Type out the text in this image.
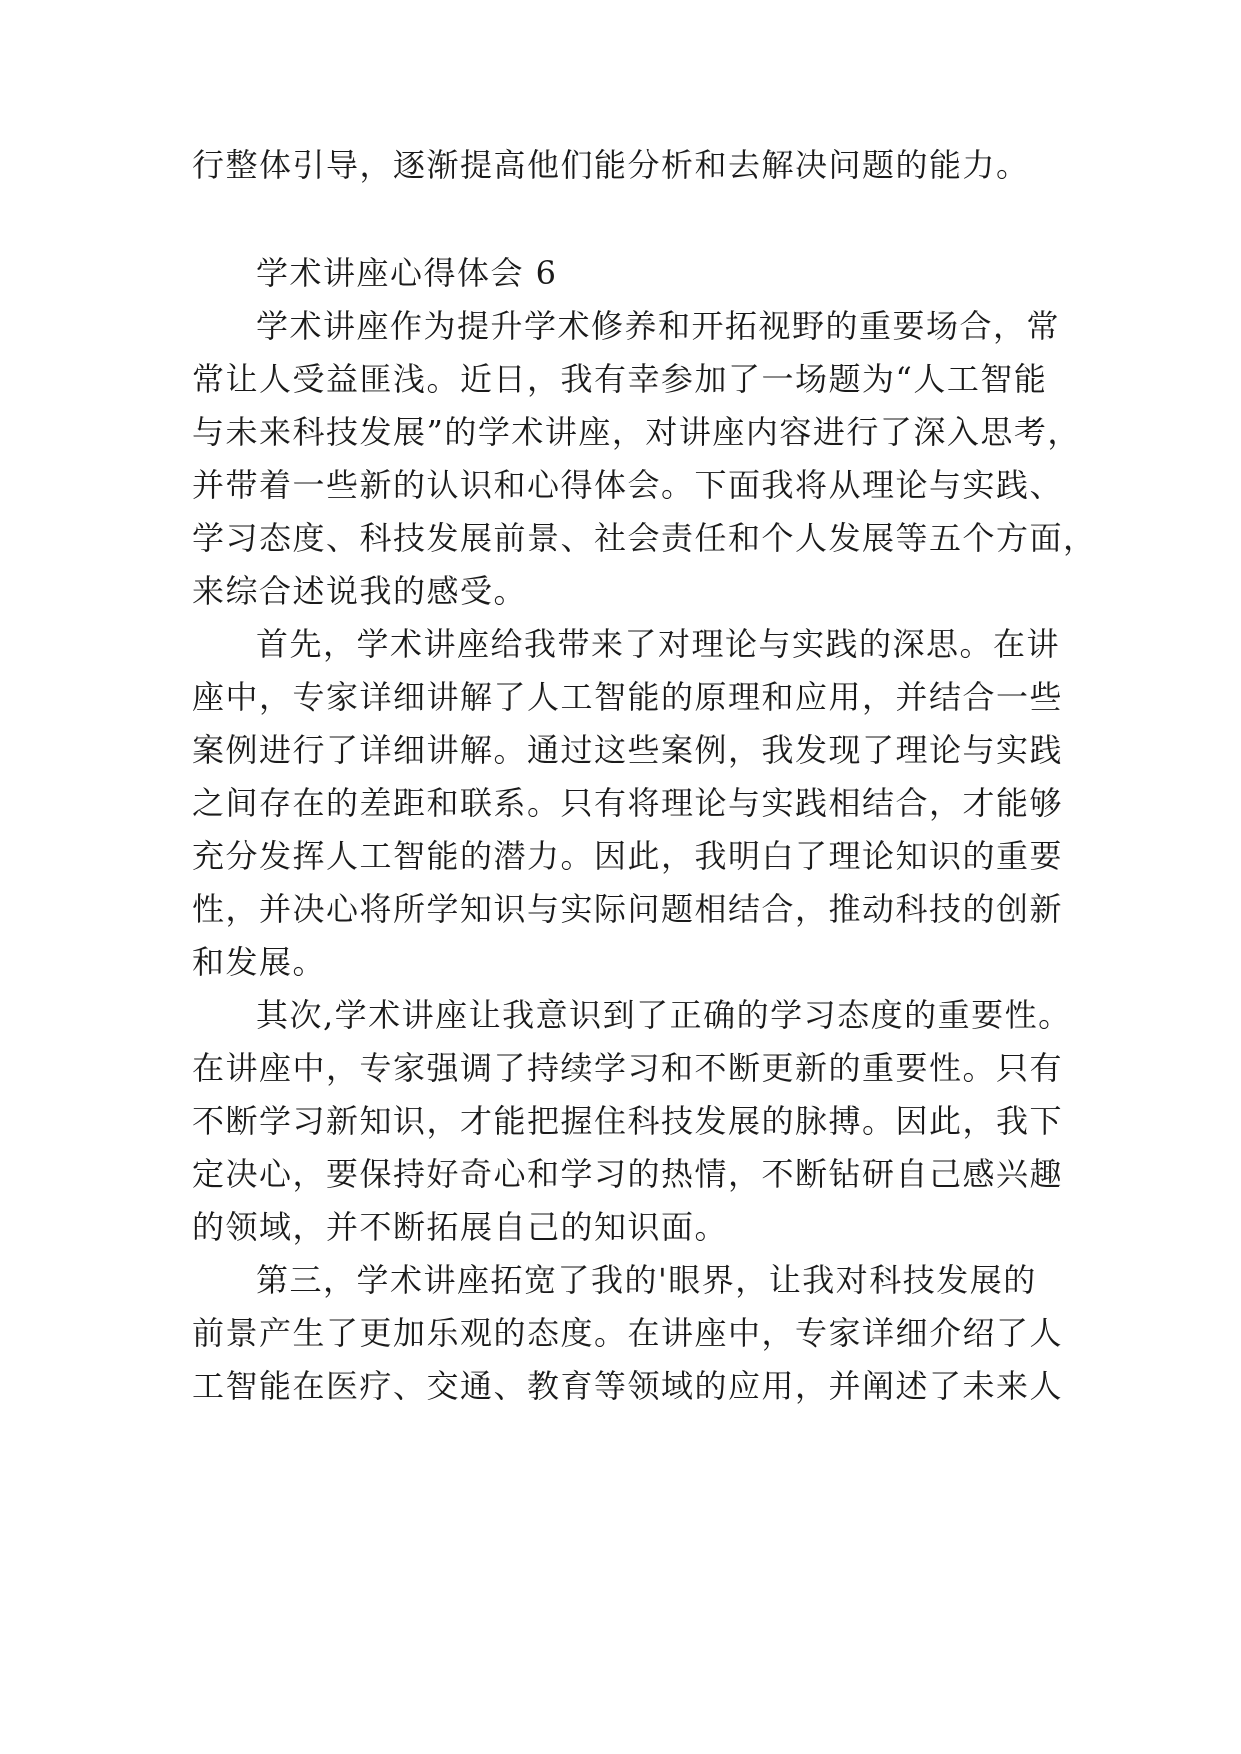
行整体引导，逐渐提高他们能分析和去解决问题的能力。
学术讲座心得体会 6
学术讲座作为提升学术修养和开拓视野的重要场合，常
常让人受益匪浅。近日，我有幸参加了一场题为“人工智能
与未来科技发展”的学术讲座，对讲座内容进行了深入思考，
并带着一些新的认识和心得体会。下面我将从理论与实践、
学习态度、科技发展前景、社会责任和个人发展等五个方面，
来综合述说我的感受。
首先，学术讲座给我带来了对理论与实践的深思。在讲
座中，专家详细讲解了人工智能的原理和应用，并结合一些
案例进行了详细讲解。通过这些案例，我发现了理论与实践
之间存在的差距和联系。只有将理论与实践相结合，才能够
充分发挥人工智能的潜力。因此，我明白了理论知识的重要
性，并决心将所学知识与实际问题相结合，推动科技的创新
和发展。
其次,学术讲座让我意识到了正确的学习态度的重要性。
在讲座中，专家强调了持续学习和不断更新的重要性。只有
不断学习新知识，才能把握住科技发展的脉搏。因此，我下
定决心，要保持好奇心和学习的热情，不断钻研自己感兴趣
的领域，并不断拓展自己的知识面。
第三，学术讲座拓宽了我的'眼界，让我对科技发展的
前景产生了更加乐观的态度。在讲座中，专家详细介绍了人
工智能在医疗、交通、教育等领域的应用，并阐述了未来人
